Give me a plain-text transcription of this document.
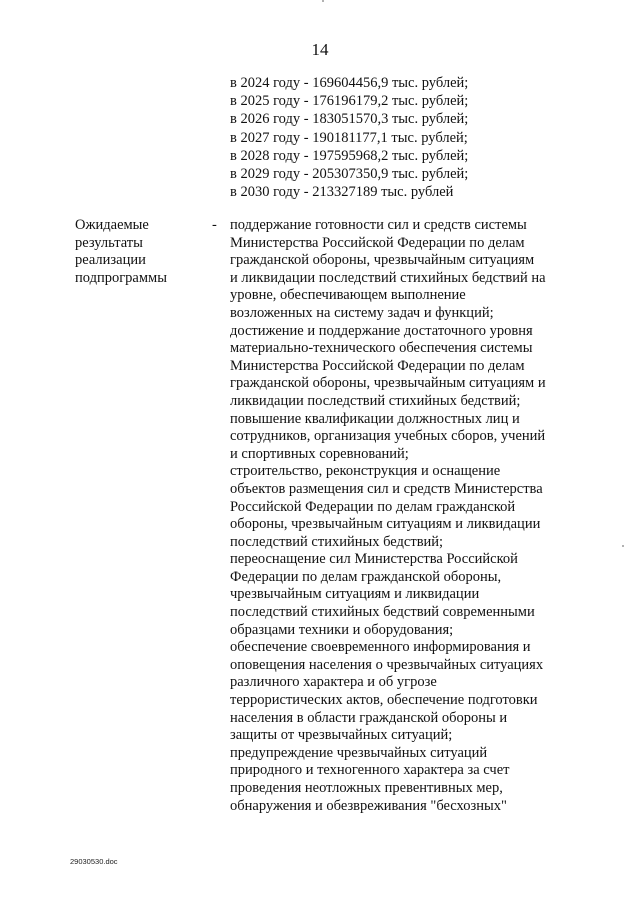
14
в 2024 году - 169604456,9 тыс. рублей;
в 2025 году - 176196179,2 тыс. рублей;
в 2026 году - 183051570,3 тыс. рублей;
в 2027 году - 190181177,1 тыс. рублей;
в 2028 году - 197595968,2 тыс. рублей;
в 2029 году - 205307350,9 тыс. рублей;
в 2030 году - 213327189 тыс. рублей
Ожидаемые
результаты
реализации
подпрограммы
- поддержание готовности сил и средств системы
Министерства Российской Федерации по делам
гражданской обороны, чрезвычайным ситуациям
и ликвидации последствий стихийных бедствий на
уровне, обеспечивающем выполнение
возложенных на систему задач и функций;
достижение и поддержание достаточного уровня
материально-технического обеспечения системы
Министерства Российской Федерации по делам
гражданской обороны, чрезвычайным ситуациям и
ликвидации последствий стихийных бедствий;
повышение квалификации должностных лиц и
сотрудников, организация учебных сборов, учений
и спортивных соревнований;
строительство, реконструкция и оснащение
объектов размещения сил и средств Министерства
Российской Федерации по делам гражданской
обороны, чрезвычайным ситуациям и ликвидации
последствий стихийных бедствий;
переоснащение сил Министерства Российской
Федерации по делам гражданской обороны,
чрезвычайным ситуациям и ликвидации
последствий стихийных бедствий современными
образцами техники и оборудования;
обеспечение своевременного информирования и
оповещения населения о чрезвычайных ситуациях
различного характера и об угрозе
террористических актов, обеспечение подготовки
населения в области гражданской обороны и
защиты от чрезвычайных ситуаций;
предупреждение чрезвычайных ситуаций
природного и техногенного характера за счет
проведения неотложных превентивных мер,
обнаружения и обезвреживания "бесхозных"
29030530.doc
